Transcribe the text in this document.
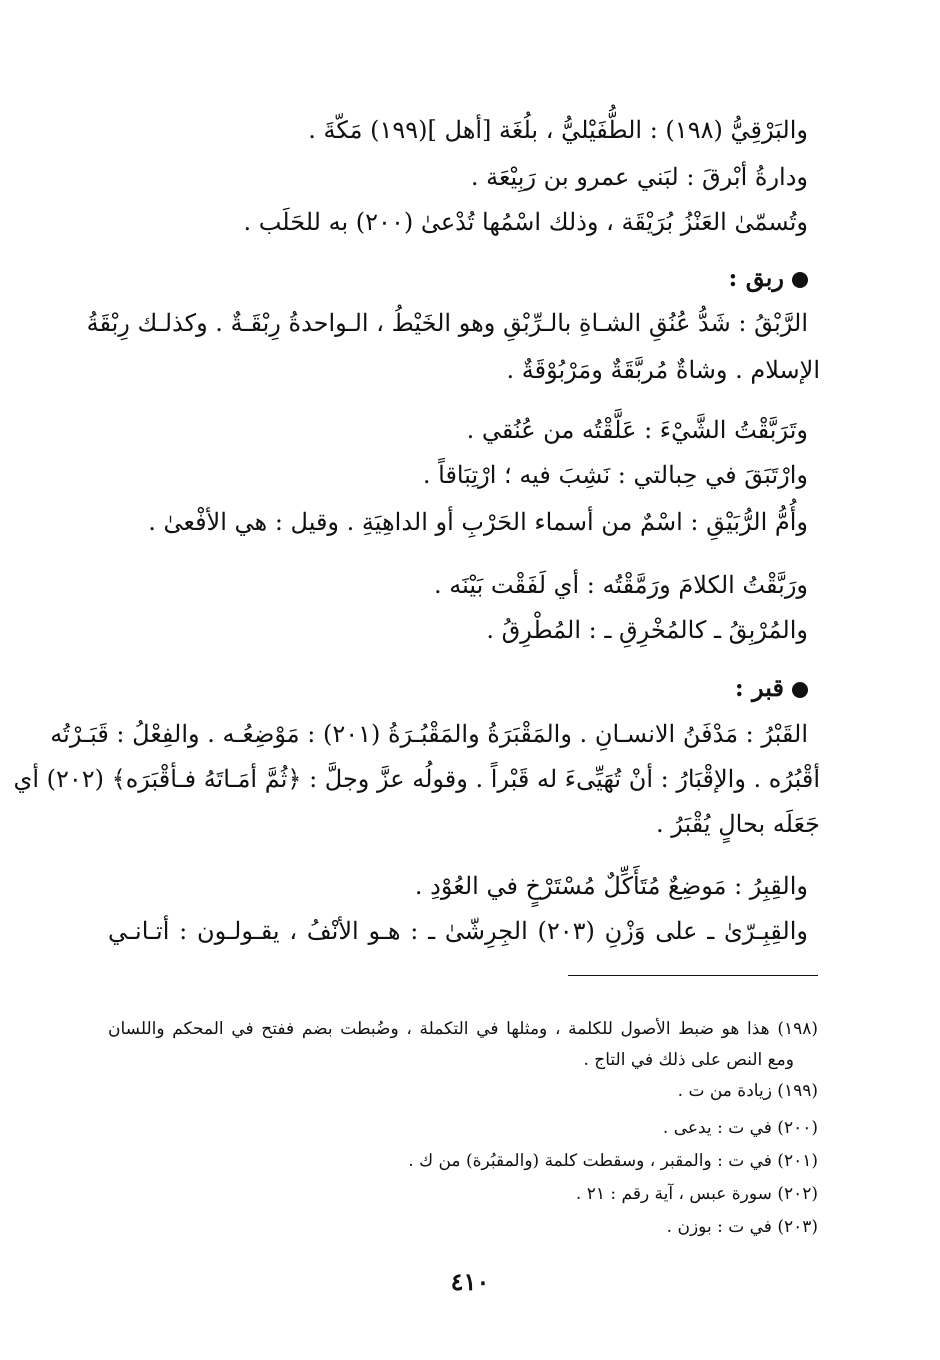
والبَرْقِيُّ (١٩٨) : الطُّفَيْليُّ ، بلُغَة [أهل ](١٩٩) مَكّةَ .
ودارةُ أبْرقَ : لبَني عمرو بن رَبِيْعَة .
وتُسمّىٰ العَنْزُ بُرَيْقَة ، وذلك اسْمُها تُدْعىٰ (٢٠٠) به للحَلَب .
ربق :
الرَّبْقُ : شَدُّ عُنُقِ الشـاةِ بالـرِّبْقِ وهو الخَيْطُ ، الـواحدةُ رِبْقَـةٌ . وكذلـك رِبْقَةُ
الإسلام . وشاةٌ مُربَّقَةٌ ومَرْبُوْقَةٌ .
وتَرَبَّقْتُ الشَّيْءَ : عَلَّقْتُه من عُنُقي .
وارْتَبَقَ في حِبالتي : نَشِبَ فيه ؛ ارْتِبَاقاً .
وأُمُّ الرُّبَيْقِ : اسْمٌ من أسماء الحَرْبِ أو الداهِيَةِ . وقيل : هي الأفْعىٰ .
ورَبَّقْتُ الكلامَ ورَمَّقْتُه : أي لَفَقْت بَيْنَه .
والمُرْبِقُ ـ كالمُخْرِقِ ـ : المُطْرِقُ .
قبر :
القَبْرُ : مَدْفَنُ الانسـانِ . والمَقْبَرَةُ والمَقْبُـرَةُ (٢٠١) : مَوْضِعُـه . والفِعْلُ : قَبَـرْتُه
أقْبُرُه . والإقْبَارُ : أنْ تُهَيِّىءَ له قَبْراً . وقولُه عزَّ وجلَّ : ﴿ثُمَّ أمَـاتَهُ فـأقْبَرَه﴾ (٢٠٢) أي
جَعَلَه بحالٍ يُقْبَرُ .
والقِبِرُ : مَوضِعٌ مُتَأَكِّلٌ مُسْتَرْخٍ في العُوْدِ .
والقِبِـرّىٰ ـ على وَزْنِ (٢٠٣) الجِرِشّىٰ ـ : هـو الأنْفُ ، يقـولـون : أتـانـي
(١٩٨) هذا هو ضبط الأصول للكلمة ، ومثلها في التكملة ، وضُبطت بضم ففتح في المحكم واللسان
ومع النص على ذلك في التاج .
(١٩٩) زيادة من ت .
(٢٠٠) في ت : يدعى .
(٢٠١) في ت : والمقبر ، وسقطت كلمة (والمقبُرة) من ك .
(٢٠٢) سورة عبس ، آية رقم : ٢١ .
(٢٠٣) في ت : بوزن .
٤١٠
